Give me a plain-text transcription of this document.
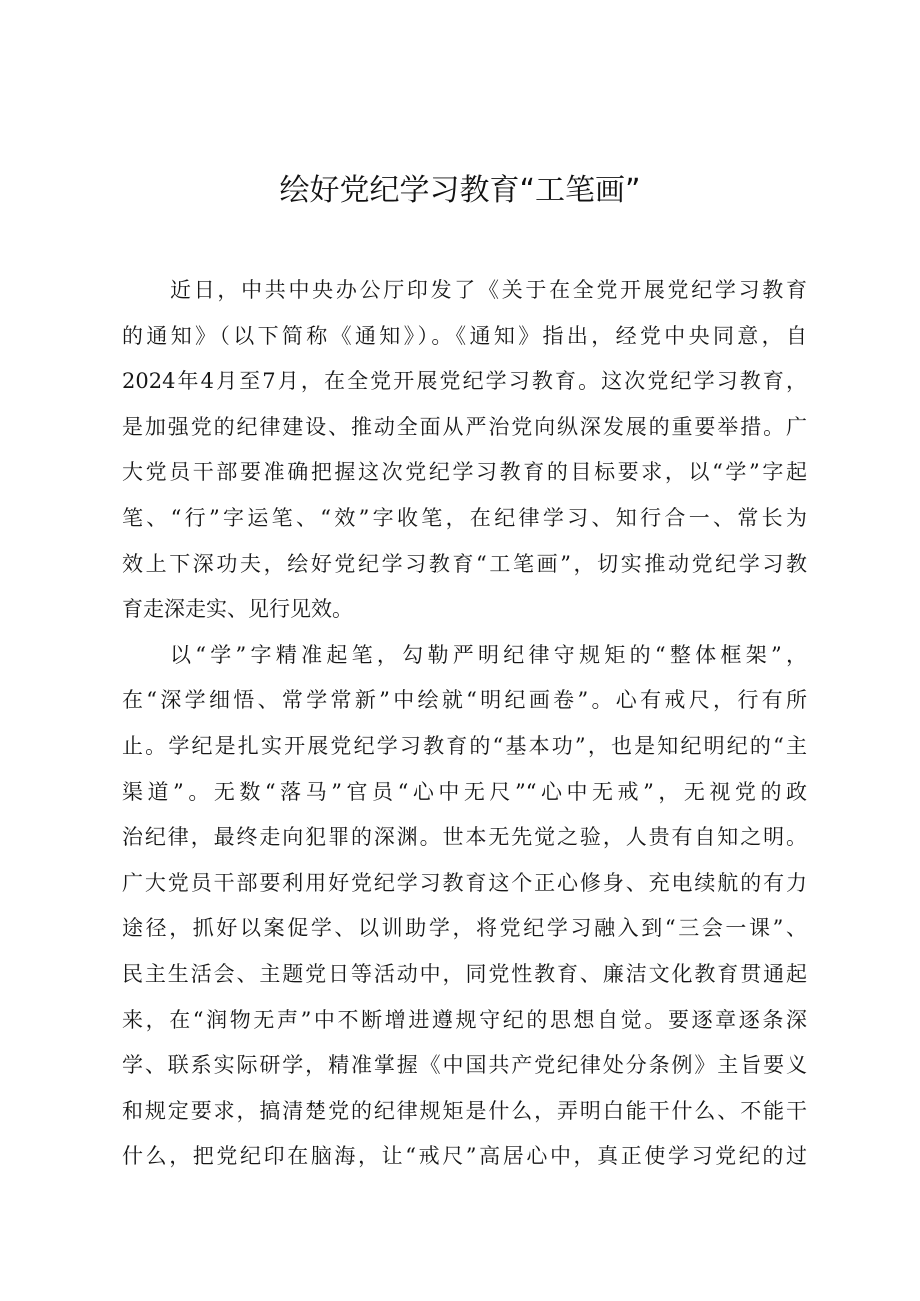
绘好党纪学习教育“工笔画”
近日，中共中央办公厅印发了《关于在全党开展党纪学习教育
的通知》（以下简称《通知》）。《通知》指出，经党中央同意，自
2024年4月至7月，在全党开展党纪学习教育。这次党纪学习教育，
是加强党的纪律建设、推动全面从严治党向纵深发展的重要举措。广
大党员干部要准确把握这次党纪学习教育的目标要求，以“学”字起
笔、“行”字运笔、“效”字收笔，在纪律学习、知行合一、常长为
效上下深功夫，绘好党纪学习教育“工笔画”，切实推动党纪学习教
育走深走实、见行见效。
以“学”字精准起笔，勾勒严明纪律守规矩的“整体框架”，
在“深学细悟、常学常新”中绘就“明纪画卷”。心有戒尺，行有所
止。学纪是扎实开展党纪学习教育的“基本功”，也是知纪明纪的“主
渠道”。无数“落马”官员“心中无尺”“心中无戒”，无视党的政
治纪律，最终走向犯罪的深渊。世本无先觉之验，人贵有自知之明。
广大党员干部要利用好党纪学习教育这个正心修身、充电续航的有力
途径，抓好以案促学、以训助学，将党纪学习融入到“三会一课”、
民主生活会、主题党日等活动中，同党性教育、廉洁文化教育贯通起
来，在“润物无声”中不断增进遵规守纪的思想自觉。要逐章逐条深
学、联系实际研学，精准掌握《中国共产党纪律处分条例》主旨要义
和规定要求，搞清楚党的纪律规矩是什么，弄明白能干什么、不能干
什么，把党纪印在脑海，让“戒尺”高居心中，真正使学习党纪的过
